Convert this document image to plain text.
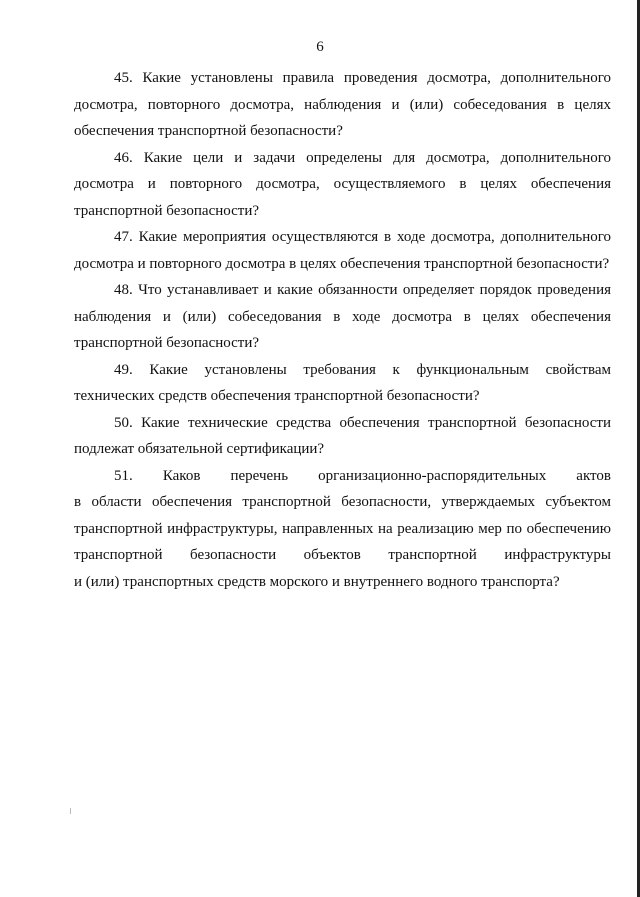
6
45. Какие установлены правила проведения досмотра, дополнительного
досмотра, повторного досмотра, наблюдения и (или) собеседования в целях
обеспечения транспортной безопасности?
46. Какие цели и задачи определены для досмотра, дополнительного
досмотра и повторного досмотра, осуществляемого в целях обеспечения
транспортной безопасности?
47. Какие мероприятия осуществляются в ходе досмотра, дополнительного
досмотра и повторного досмотра в целях обеспечения транспортной безопасности?
48. Что устанавливает и какие обязанности определяет порядок проведения
наблюдения и (или) собеседования в ходе досмотра в целях обеспечения
транспортной безопасности?
49. Какие установлены требования к функциональным свойствам
технических средств обеспечения транспортной безопасности?
50. Какие технические средства обеспечения транспортной безопасности
подлежат обязательной сертификации?
51. Каков перечень организационно-распорядительных актов
в области обеспечения транспортной безопасности, утверждаемых субъектом
транспортной инфраструктуры, направленных на реализацию мер по обеспечению
транспортной безопасности объектов транспортной инфраструктуры
и (или) транспортных средств морского и внутреннего водного транспорта?
